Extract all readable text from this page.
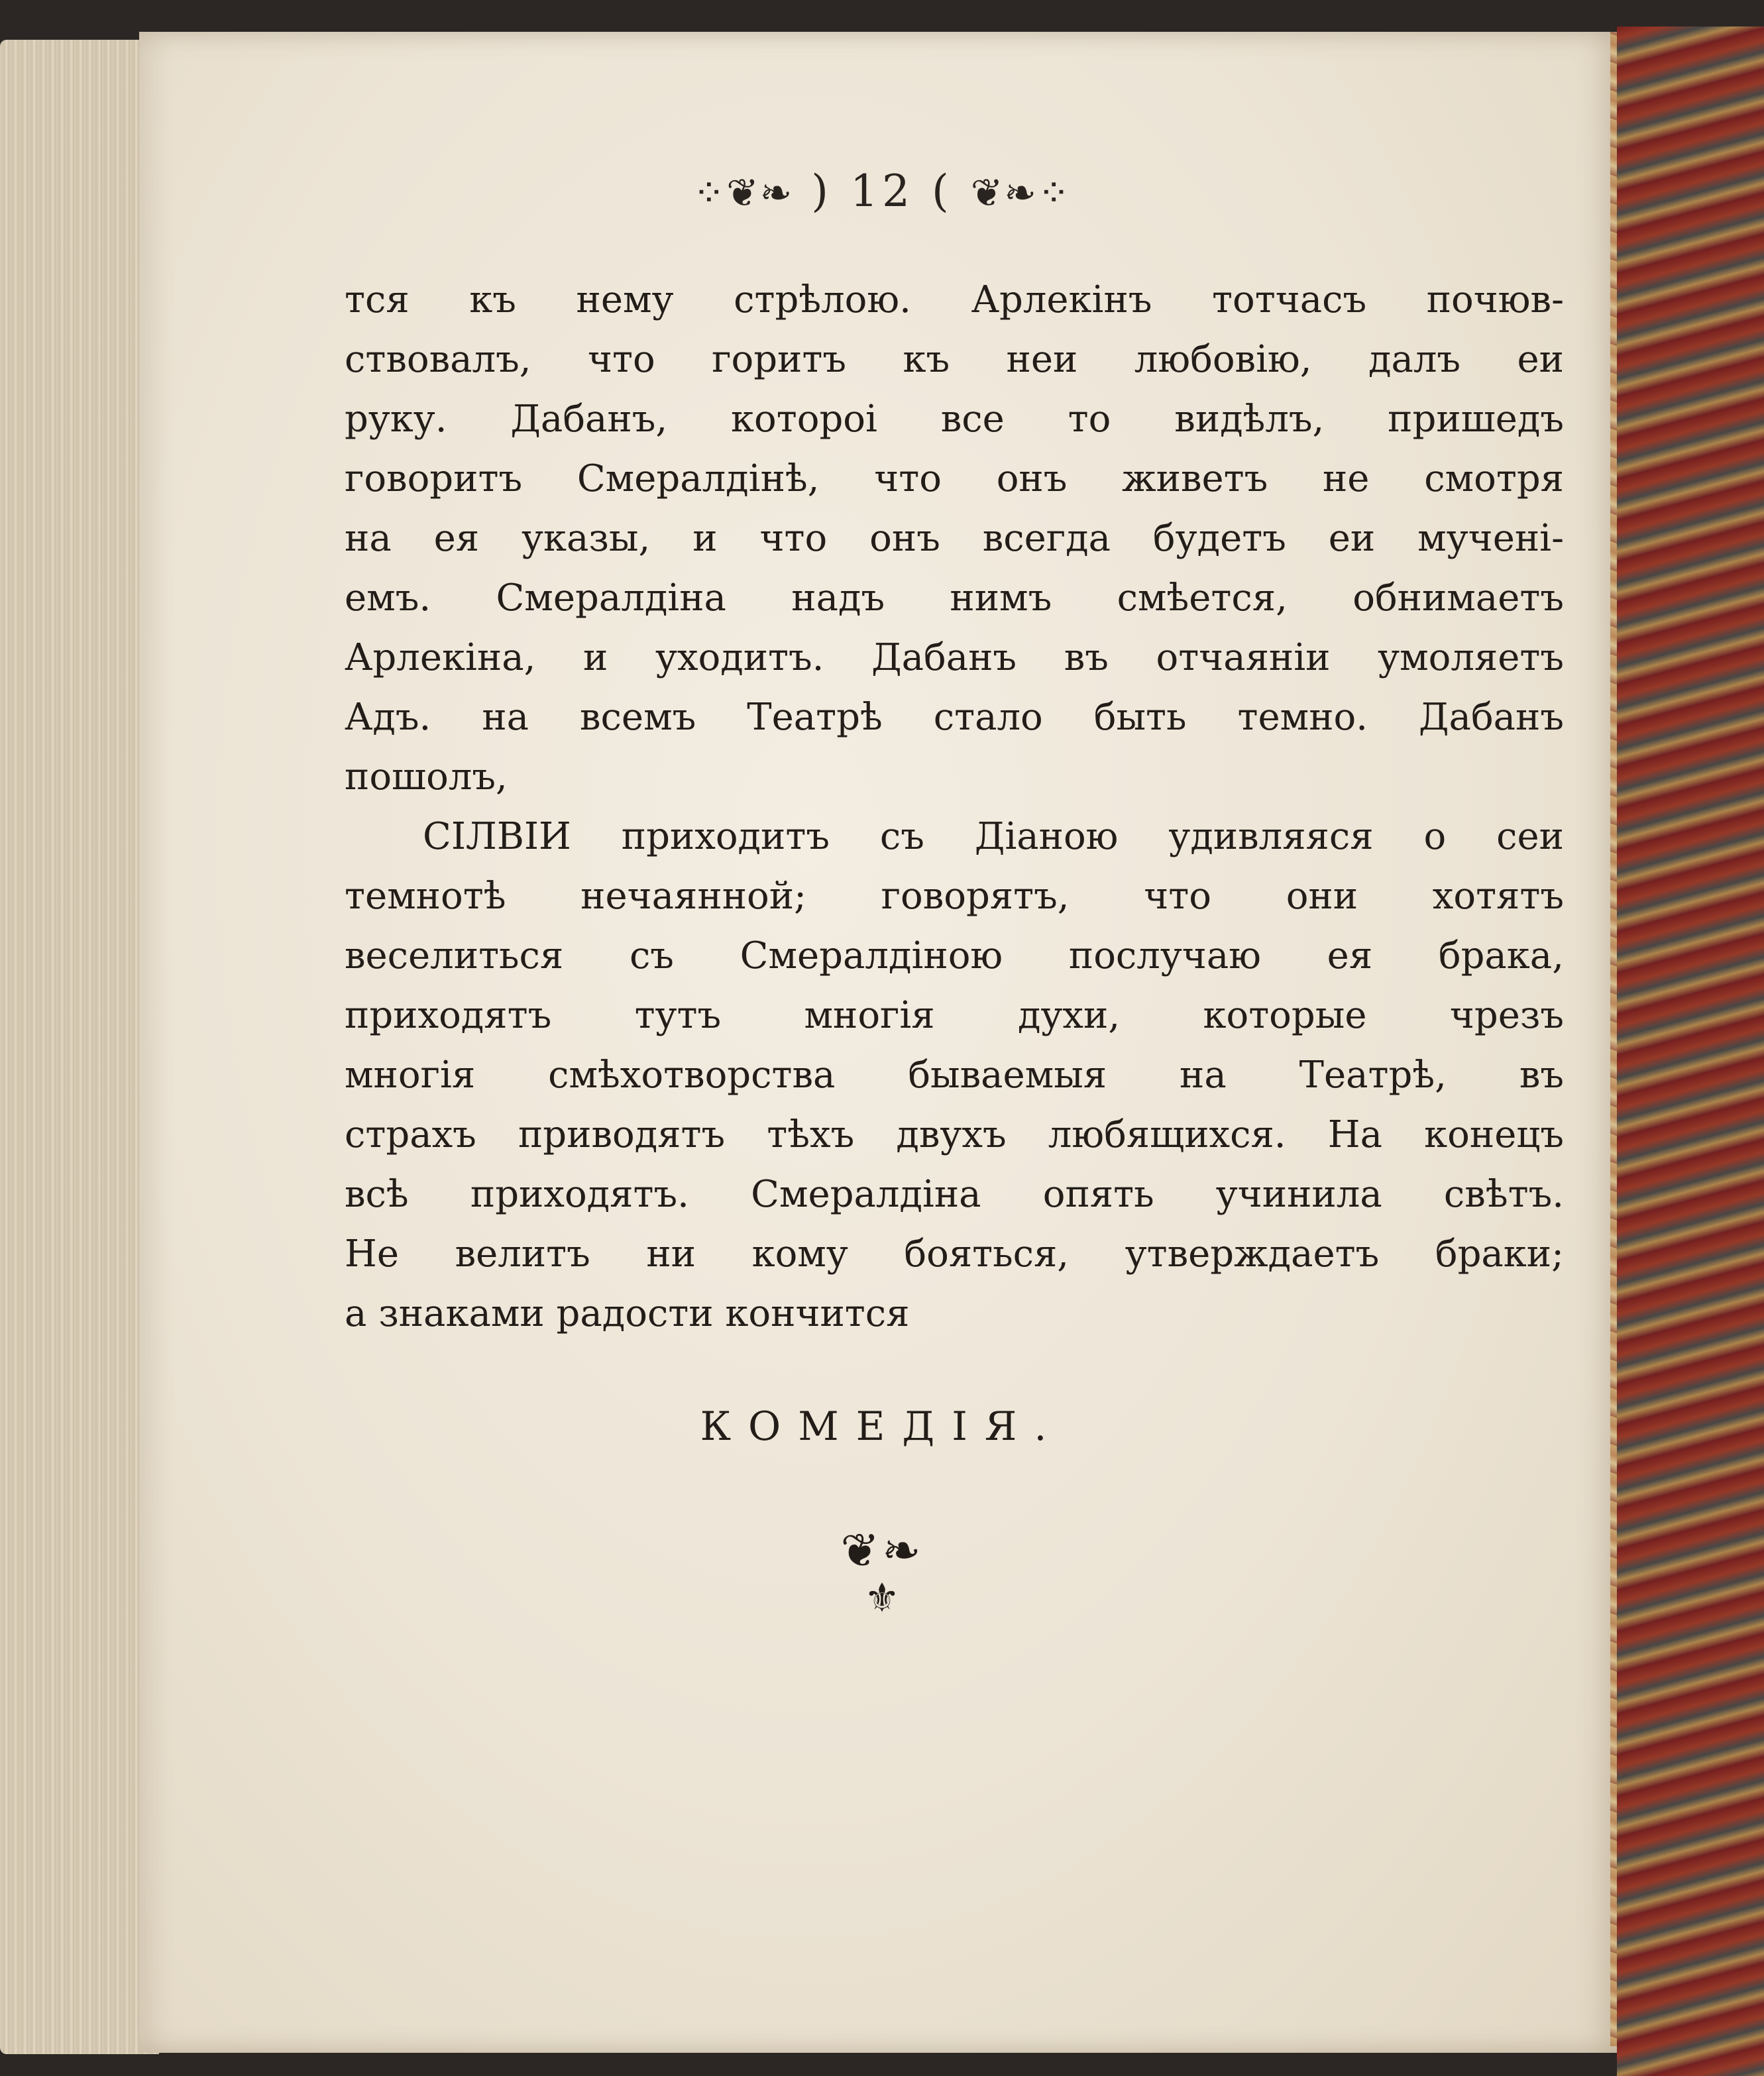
⁘❦❧ ) 12 ( ❦❧⁘
тся къ нему стрѣлою. Арлекінъ тотчасъ почюв-
ствовалъ, что горитъ къ неи любовію, далъ еи
руку. Дабанъ, котороi все то видѣлъ, пришедъ
говоритъ Смералдінѣ, что онъ живетъ не смотря
на ея указы, и что онъ всегда будетъ еи мученi-
емъ. Смералдіна надъ нимъ смѣется, обнимаетъ
Арлекіна, и уходитъ. Дабанъ въ отчаяніи умоляетъ
Адъ. на всемъ Театрѣ стало быть темно. Дабанъ
пошолъ,
СІЛВІИ приходитъ съ Діаною удивляяся о сеи
темнотѣ нечаянной; говорятъ, что они хотятъ
веселиться съ Смералдіною послучаю ея брака,
приходятъ тутъ многія духи, которые чрезъ
многія смѣхотворства бываемыя на Театрѣ, въ
страхъ приводятъ тѣхъ двухъ любящихся. На конецъ
всѣ приходятъ. Смералдіна опять учинила свѣтъ.
Не велитъ ни кому бояться, утверждаетъ браки;
а знаками радости кончится
КОМЕДІЯ.
❦❧
⚜
